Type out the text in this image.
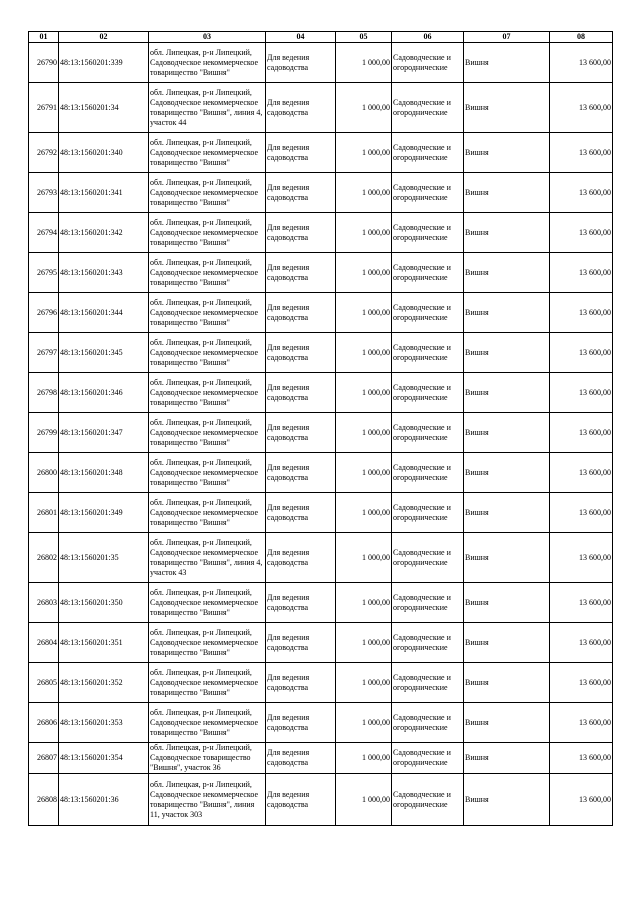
01	02	03	04	05	06	07	08
26790	48:13:1560201:339	обл. Липецкая, р-н Липецкий, Садоводческое некоммерческое товарищество "Вишня"	Для ведения садоводства	1 000,00	Садоводческие и огороднические	Вишня	13 600,00
26791	48:13:1560201:34	обл. Липецкая, р-н Липецкий, Садоводческое некоммерческое товарищество "Вишня", линия 4, участок 44	Для ведения садоводства	1 000,00	Садоводческие и огороднические	Вишня	13 600,00
26792	48:13:1560201:340	обл. Липецкая, р-н Липецкий, Садоводческое некоммерческое товарищество "Вишня"	Для ведения садоводства	1 000,00	Садоводческие и огороднические	Вишня	13 600,00
26793	48:13:1560201:341	обл. Липецкая, р-н Липецкий, Садоводческое некоммерческое товарищество "Вишня"	Для ведения садоводства	1 000,00	Садоводческие и огороднические	Вишня	13 600,00
26794	48:13:1560201:342	обл. Липецкая, р-н Липецкий, Садоводческое некоммерческое товарищество "Вишня"	Для ведения садоводства	1 000,00	Садоводческие и огороднические	Вишня	13 600,00
26795	48:13:1560201:343	обл. Липецкая, р-н Липецкий, Садоводческое некоммерческое товарищество "Вишня"	Для ведения садоводства	1 000,00	Садоводческие и огороднические	Вишня	13 600,00
26796	48:13:1560201:344	обл. Липецкая, р-н Липецкий, Садоводческое некоммерческое товарищество "Вишня"	Для ведения садоводства	1 000,00	Садоводческие и огороднические	Вишня	13 600,00
26797	48:13:1560201:345	обл. Липецкая, р-н Липецкий, Садоводческое некоммерческое товарищество "Вишня"	Для ведения садоводства	1 000,00	Садоводческие и огороднические	Вишня	13 600,00
26798	48:13:1560201:346	обл. Липецкая, р-н Липецкий, Садоводческое некоммерческое товарищество "Вишня"	Для ведения садоводства	1 000,00	Садоводческие и огороднические	Вишня	13 600,00
26799	48:13:1560201:347	обл. Липецкая, р-н Липецкий, Садоводческое некоммерческое товарищество "Вишня"	Для ведения садоводства	1 000,00	Садоводческие и огороднические	Вишня	13 600,00
26800	48:13:1560201:348	обл. Липецкая, р-н Липецкий, Садоводческое некоммерческое товарищество "Вишня"	Для ведения садоводства	1 000,00	Садоводческие и огороднические	Вишня	13 600,00
26801	48:13:1560201:349	обл. Липецкая, р-н Липецкий, Садоводческое некоммерческое товарищество "Вишня"	Для ведения садоводства	1 000,00	Садоводческие и огороднические	Вишня	13 600,00
26802	48:13:1560201:35	обл. Липецкая, р-н Липецкий, Садоводческое некоммерческое товарищество "Вишня", линия 4, участок 43	Для ведения садоводства	1 000,00	Садоводческие и огороднические	Вишня	13 600,00
26803	48:13:1560201:350	обл. Липецкая, р-н Липецкий, Садоводческое некоммерческое товарищество "Вишня"	Для ведения садоводства	1 000,00	Садоводческие и огороднические	Вишня	13 600,00
26804	48:13:1560201:351	обл. Липецкая, р-н Липецкий, Садоводческое некоммерческое товарищество "Вишня"	Для ведения садоводства	1 000,00	Садоводческие и огороднические	Вишня	13 600,00
26805	48:13:1560201:352	обл. Липецкая, р-н Липецкий, Садоводческое некоммерческое товарищество "Вишня"	Для ведения садоводства	1 000,00	Садоводческие и огороднические	Вишня	13 600,00
26806	48:13:1560201:353	обл. Липецкая, р-н Липецкий, Садоводческое некоммерческое товарищество "Вишня"	Для ведения садоводства	1 000,00	Садоводческие и огороднические	Вишня	13 600,00
26807	48:13:1560201:354	обл. Липецкая, р-н Липецкий, Садоводческое товарищество "Вишня", участок 36	Для ведения садоводства	1 000,00	Садоводческие и огороднические	Вишня	13 600,00
26808	48:13:1560201:36	обл. Липецкая, р-н Липецкий, Садоводческое некоммерческое товарищество "Вишня", линия 11, участок 303	Для ведения садоводства	1 000,00	Садоводческие и огороднические	Вишня	13 600,00
